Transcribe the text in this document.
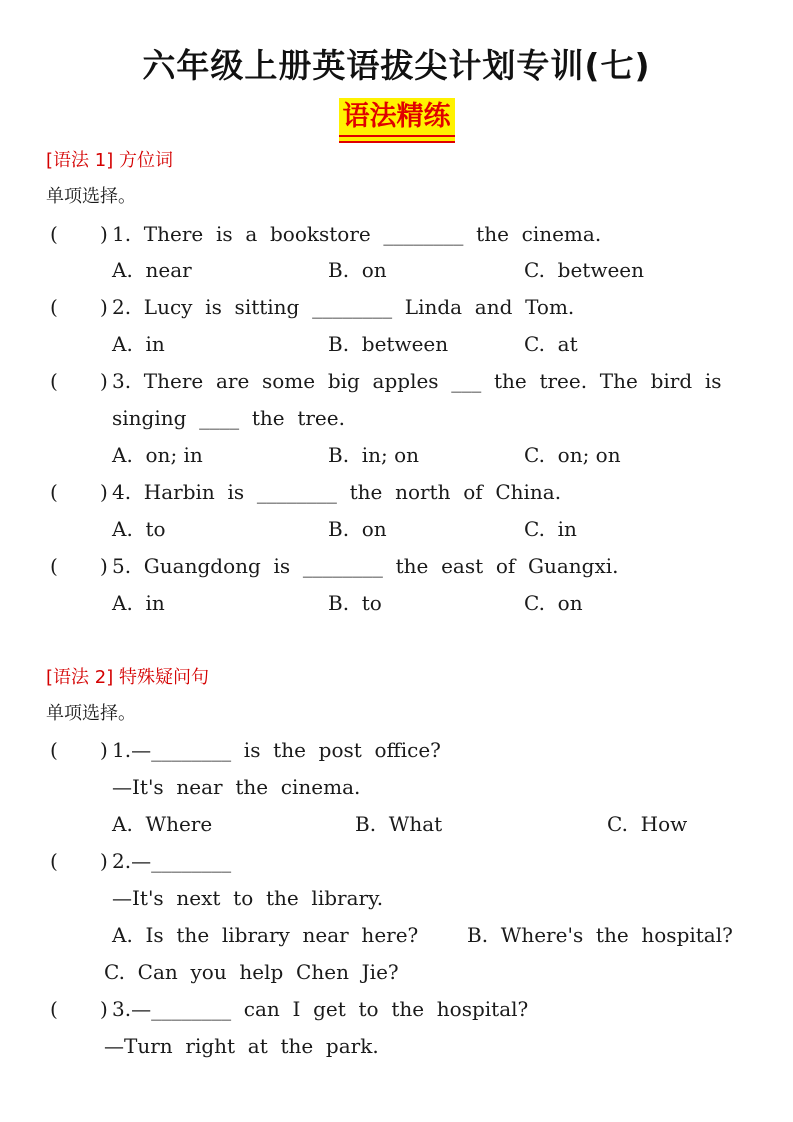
六年级上册英语拔尖计划专训(七)
语法精练
[语法 1] 方位词
单项选择。
( ) 1.  There  is  a  bookstore  ________  the  cinema.
A.  near	B.  on	C.  between
( ) 2.  Lucy  is  sitting  ________  Linda  and  Tom.
A.  in	B.  between	C.  at
( ) 3.  There  are  some  big  apples  ___  the  tree.  The  bird  is
singing  ____  the  tree.
A.  on; in	B.  in; on	C.  on; on
( ) 4.  Harbin  is  ________  the  north  of  China.
A.  to	B.  on	C.  in
( ) 5.  Guangdong  is  ________  the  east  of  Guangxi.
A.  in	B.  to	C.  on
[语法 2] 特殊疑问句
单项选择。
( ) 1.—________  is  the  post  office?
—It's  near  the  cinema.
A.  Where	B.  What	C.  How
( ) 2.—________
—It's  next  to  the  library.
A.  Is  the  library  near  here? B.  Where's  the  hospital?
C.  Can  you  help  Chen  Jie?
( ) 3.—________  can  I  get  to  the  hospital?
—Turn  right  at  the  park.
